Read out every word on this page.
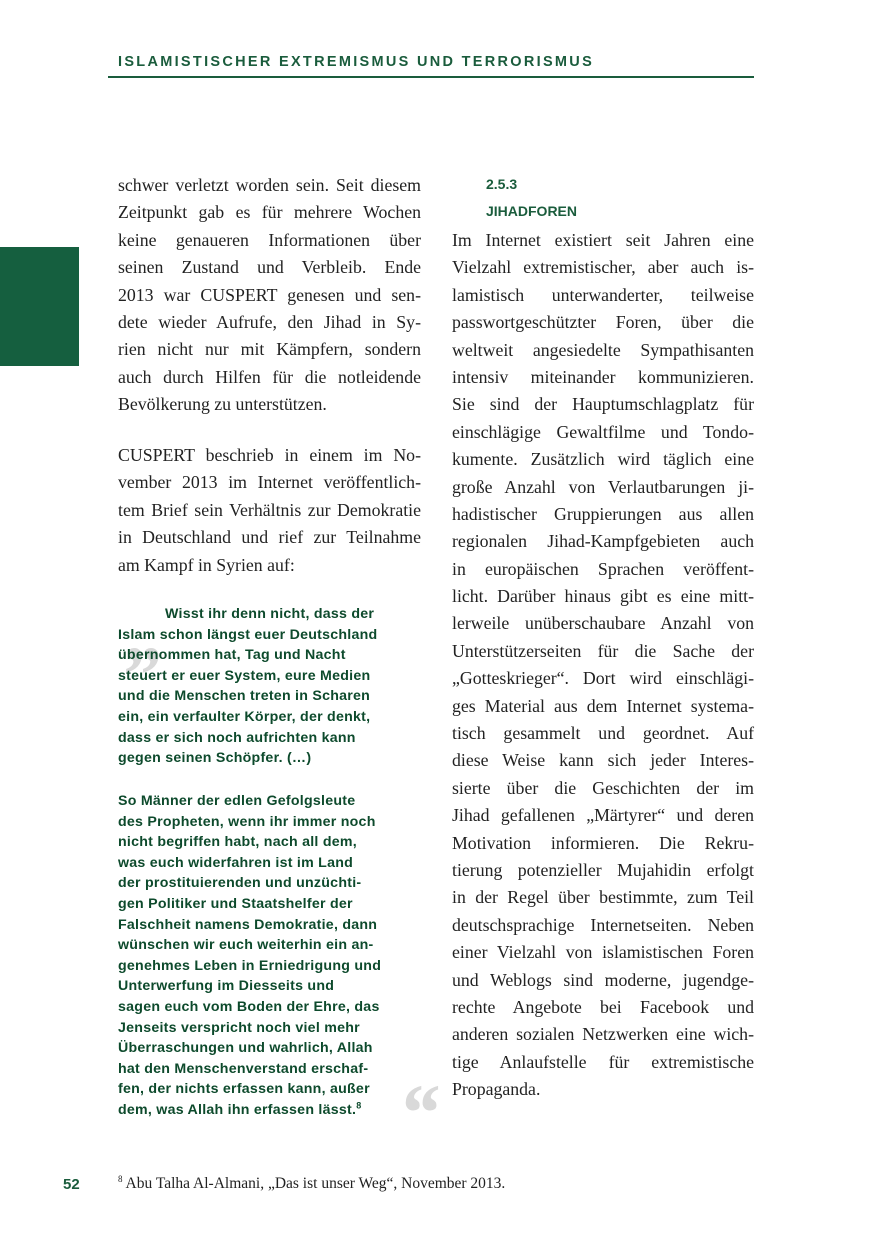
ISLAMISTISCHER EXTREMISMUS UND TERRORISMUS
schwer verletzt worden sein. Seit diesem
Zeitpunkt gab es für mehrere Wochen
keine genaueren Informationen über
seinen Zustand und Verbleib. Ende
2013 war CUSPERT genesen und sen-
dete wieder Aufrufe, den Jihad in Sy-
rien nicht nur mit Kämpfern, sondern
auch durch Hilfen für die notleidende
Bevölkerung zu unterstützen.
CUSPERT beschrieb in einem im No-
vember 2013 im Internet veröffentlich-
tem Brief sein Verhältnis zur Demokratie
in Deutschland und rief zur Teilnahme
am Kampf in Syrien auf:
„
“
Wisst ihr denn nicht, dass der
Islam schon längst euer Deutschland
übernommen hat, Tag und Nacht
steuert er euer System, eure Medien
und die Menschen treten in Scharen
ein, ein verfaulter Körper, der denkt,
dass er sich noch aufrichten kann
gegen seinen Schöpfer. (…)
So Männer der edlen Gefolgsleute
des Propheten, wenn ihr immer noch
nicht begriffen habt, nach all dem,
was euch widerfahren ist im Land
der prostituierenden und unzüchti-
gen Politiker und Staatshelfer der
Falschheit namens Demokratie, dann
wünschen wir euch weiterhin ein an-
genehmes Leben in Erniedrigung und
Unterwerfung im Diesseits und
sagen euch vom Boden der Ehre, das
Jenseits verspricht noch viel mehr
Überraschungen und wahrlich, Allah
hat den Menschenverstand erschaf-
fen, der nichts erfassen kann, außer
dem, was Allah ihn erfassen lässt.$^8$
2.5.3
JIHADFOREN
Im Internet existiert seit Jahren eine
Vielzahl extremistischer, aber auch is-
lamistisch unterwanderter, teilweise
passwortgeschützter Foren, über die
weltweit angesiedelte Sympathisanten
intensiv miteinander kommunizieren.
Sie sind der Hauptumschlagplatz für
einschlägige Gewaltfilme und Tondo-
kumente. Zusätzlich wird täglich eine
große Anzahl von Verlautbarungen ji-
hadistischer Gruppierungen aus allen
regionalen Jihad-Kampfgebieten auch
in europäischen Sprachen veröffent-
licht. Darüber hinaus gibt es eine mitt-
lerweile unüberschaubare Anzahl von
Unterstützerseiten für die Sache der
„Gotteskrieger“. Dort wird einschlägi-
ges Material aus dem Internet systema-
tisch gesammelt und geordnet. Auf
diese Weise kann sich jeder Interes-
sierte über die Geschichten der im
Jihad gefallenen „Märtyrer“ und deren
Motivation informieren. Die Rekru-
tierung potenzieller Mujahidin erfolgt
in der Regel über bestimmte, zum Teil
deutschsprachige Internetseiten. Neben
einer Vielzahl von islamistischen Foren
und Weblogs sind moderne, jugendge-
rechte Angebote bei Facebook und
anderen sozialen Netzwerken eine wich-
tige Anlaufstelle für extremistische
Propaganda.
52	$^8$ Abu Talha Al-Almani, „Das ist unser Weg“, November 2013.
